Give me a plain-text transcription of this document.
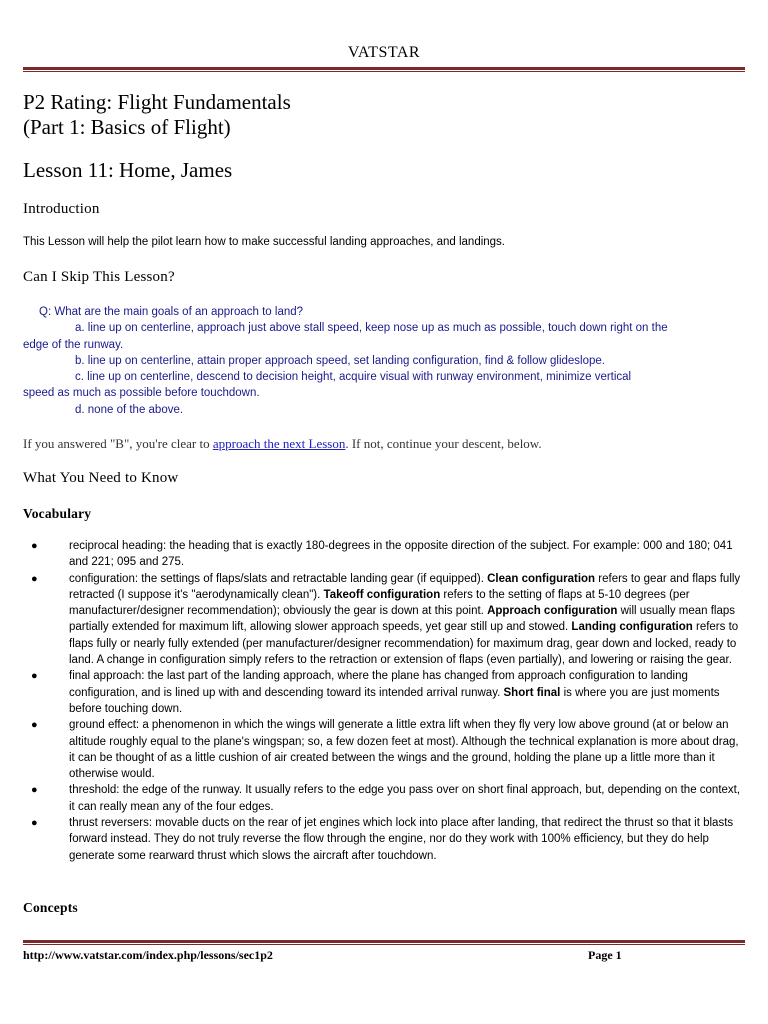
VATSTAR
P2 Rating: Flight Fundamentals
(Part 1: Basics of Flight)
Lesson 11: Home, James
Introduction
This Lesson will help the pilot learn how to make successful landing approaches, and landings.
Can I Skip This Lesson?
Q: What are the main goals of an approach to land?
a. line up on centerline, approach just above stall speed, keep nose up as much as possible, touch down right on the
edge of the runway.
b. line up on centerline, attain proper approach speed, set landing configuration, find & follow glideslope.
c. line up on centerline, descend to decision height, acquire visual with runway environment, minimize vertical
speed as much as possible before touchdown.
d. none of the above.
If you answered "B", you're clear to approach the next Lesson. If not, continue your descent, below.
What You Need to Know
Vocabulary
●	reciprocal heading: the heading that is exactly 180-degrees in the opposite direction of the subject. For example: 000 and 180; 041 and 221; 095 and 275.
●	configuration: the settings of flaps/slats and retractable landing gear (if equipped). Clean configuration refers to gear and flaps fully retracted (I suppose it's "aerodynamically clean"). Takeoff configuration refers to the setting of flaps at 5-10 degrees (per manufacturer/designer recommendation); obviously the gear is down at this point. Approach configuration will usually mean flaps partially extended for maximum lift, allowing slower approach speeds, yet gear still up and stowed. Landing configuration refers to flaps fully or nearly fully extended (per manufacturer/designer recommendation) for maximum drag, gear down and locked, ready to land. A change in configuration simply refers to the retraction or extension of flaps (even partially), and lowering or raising the gear.
●	final approach: the last part of the landing approach, where the plane has changed from approach configuration to landing configuration, and is lined up with and descending toward its intended arrival runway. Short final is where you are just moments before touching down.
●	ground effect: a phenomenon in which the wings will generate a little extra lift when they fly very low above ground (at or below an altitude roughly equal to the plane's wingspan; so, a few dozen feet at most). Although the technical explanation is more about drag, it can be thought of as a little cushion of air created between the wings and the ground, holding the plane up a little more than it otherwise would.
●	threshold: the edge of the runway. It usually refers to the edge you pass over on short final approach, but, depending on the context, it can really mean any of the four edges.
●	thrust reversers: movable ducts on the rear of jet engines which lock into place after landing, that redirect the thrust so that it blasts forward instead. They do not truly reverse the flow through the engine, nor do they work with 100% efficiency, but they do help generate some rearward thrust which slows the aircraft after touchdown.
Concepts
http://www.vatstar.com/index.php/lessons/sec1p2	Page 1
